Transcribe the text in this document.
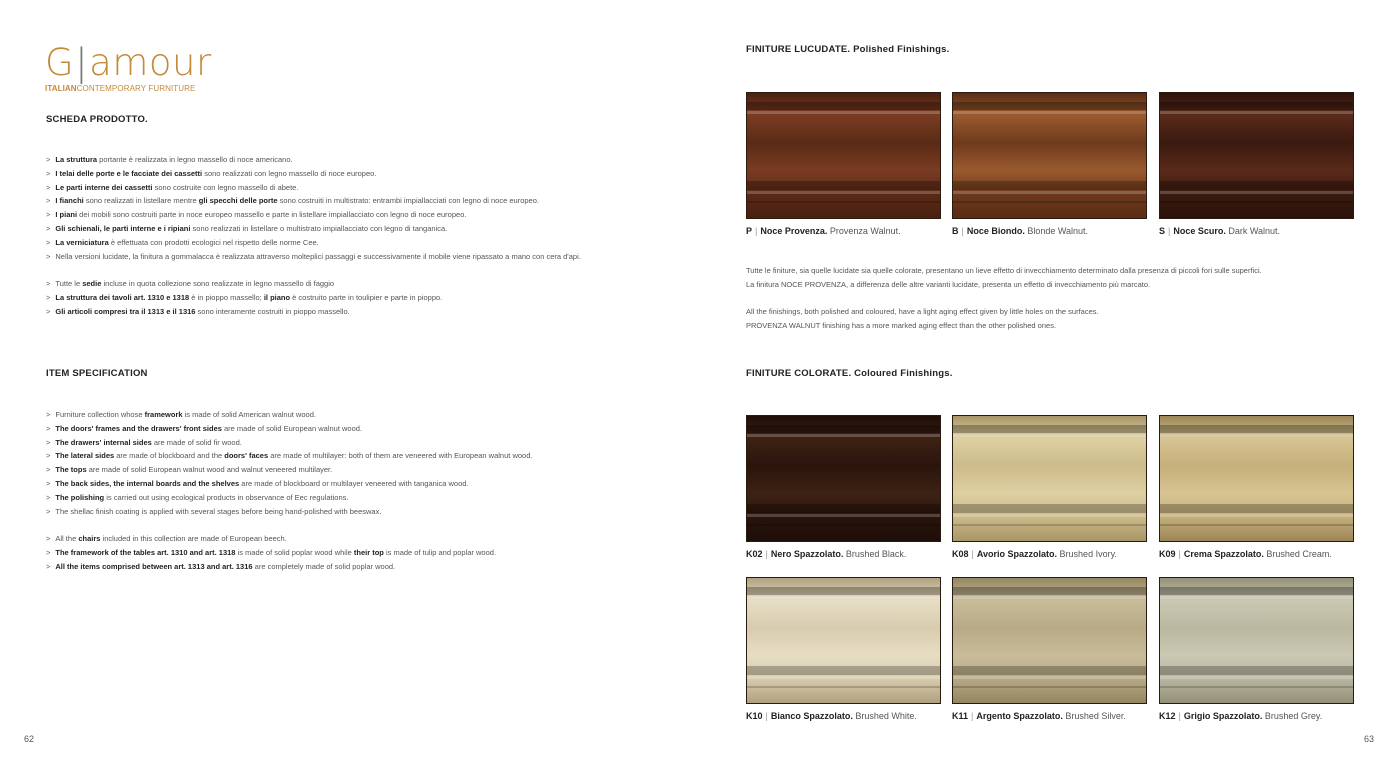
G|amour
ITALIANCONTEMPORARY FURNITURE
SCHEDA PRODOTTO.
> La struttura portante è realizzata in legno massello di noce americano.
> I telai delle porte e le facciate dei cassetti sono realizzati con legno massello di noce europeo.
> Le parti interne dei cassetti sono costruite con legno massello di abete.
> I fianchi sono realizzati in listellare mentre gli specchi delle porte sono costruiti in multistrato: entrambi impiallacciati con legno di noce europeo.
> I piani dei mobili sono costruiti parte in noce europeo massello e parte in listellare impiallacciato con legno di noce europeo.
> Gli schienali, le parti interne e i ripiani sono realizzati in listellare o multistrato impiallacciato con legno di tanganica.
> La verniciatura è effettuata con prodotti ecologici nel rispetto delle norme Cee.
> Nella versioni lucidate, la finitura a gommalacca è realizzata attraverso molteplici passaggi e successivamente il mobile viene ripassato a mano con cera d'api.
> Tutte le sedie incluse in quota collezione sono realizzate in legno massello di faggio
> La struttura dei tavoli art. 1310 e 1318 è in pioppo massello; il piano è costruito parte in toulipier e parte in pioppo.
> Gli articoli compresi tra il 1313 e il 1316 sono interamente costruiti in pioppo massello.
ITEM SPECIFICATION
> Furniture collection whose framework is made of solid American walnut wood.
> The doors' frames and the drawers' front sides are made of solid European walnut wood.
> The drawers' internal sides are made of solid fir wood.
> The lateral sides are made of blockboard and the doors' faces are made of multilayer: both of them are veneered with European walnut wood.
> The tops are made of solid European walnut wood and walnut veneered multilayer.
> The back sides, the internal boards and the shelves are made of blockboard or multilayer veneered with tanganica wood.
> The polishing is carried out using ecological products in observance of Eec regulations.
> The shellac finish coating is applied with several stages before being hand-polished with beeswax.
> All the chairs included in this collection are made of European beech.
> The framework of the tables art. 1310 and art. 1318 is made of solid poplar wood while their top is made of tulip and poplar wood.
> All the items comprised between art. 1313 and art. 1316 are completely made of solid poplar wood.
FINITURE LUCUDATE. Polished Finishings.
P | Noce Provenza. Provenza Walnut.	B | Noce Biondo. Blonde Walnut.	S | Noce Scuro. Dark Walnut.
Tutte le finiture, sia quelle lucidate sia quelle colorate, presentano un lieve effetto di invecchiamento determinato dalla presenza di piccoli fori sulle superfici.
La finitura NOCE PROVENZA, a differenza delle altre varianti lucidate, presenta un effetto di invecchiamento più marcato.
All the finishings, both polished and coloured, have a light aging effect given by little holes on the surfaces.
PROVENZA WALNUT finishing has a more marked aging effect than the other polished ones.
FINITURE COLORATE. Coloured Finishings.
K02 | Nero Spazzolato. Brushed Black.	K08 | Avorio Spazzolato. Brushed Ivory.	K09 | Crema Spazzolato. Brushed Cream.
K10 | Bianco Spazzolato. Brushed White.	K11 | Argento Spazzolato. Brushed Silver.	K12 | Grigio Spazzolato. Brushed Grey.
62	63
